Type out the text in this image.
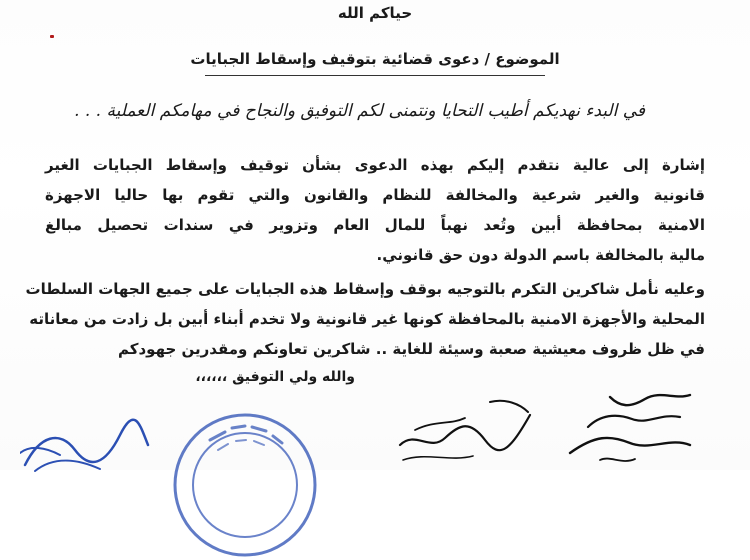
حياكم الله

الموضوع / دعوى قضائية بتوقيف وإسقاط الجبايات

في البدء نهديكم أطيب التحايا ونتمنى لكم التوفيق والنجاح في مهامكم العملية . . .

إشارة إلى عالية نتقدم إليكم بهذه الدعوى بشأن توقيف وإسقاط الجبايات الغير
قانونية والغير شرعية والمخالفة للنظام والقانون والتي تقوم بها حاليا الاجهزة
الامنية بمحافظة أبين وتُعد نهباً للمال العام وتزوير في سندات تحصيل مبالغ
مالية بالمخالفة باسم الدولة دون حق قانوني.
وعليه نأمل شاكرين التكرم بالتوجيه بوقف وإسقاط هذه الجبايات على جميع الجهات السلطات
المحلية والأجهزة الامنية بالمحافظة كونها غير قانونية ولا تخدم أبناء أبين بل زادت من معاناته
في ظل ظروف معيشية صعبة وسيئة للغاية .. شاكرين تعاونكم ومقدرين جهودكم

والله ولي التوفيق ،،،،،،
